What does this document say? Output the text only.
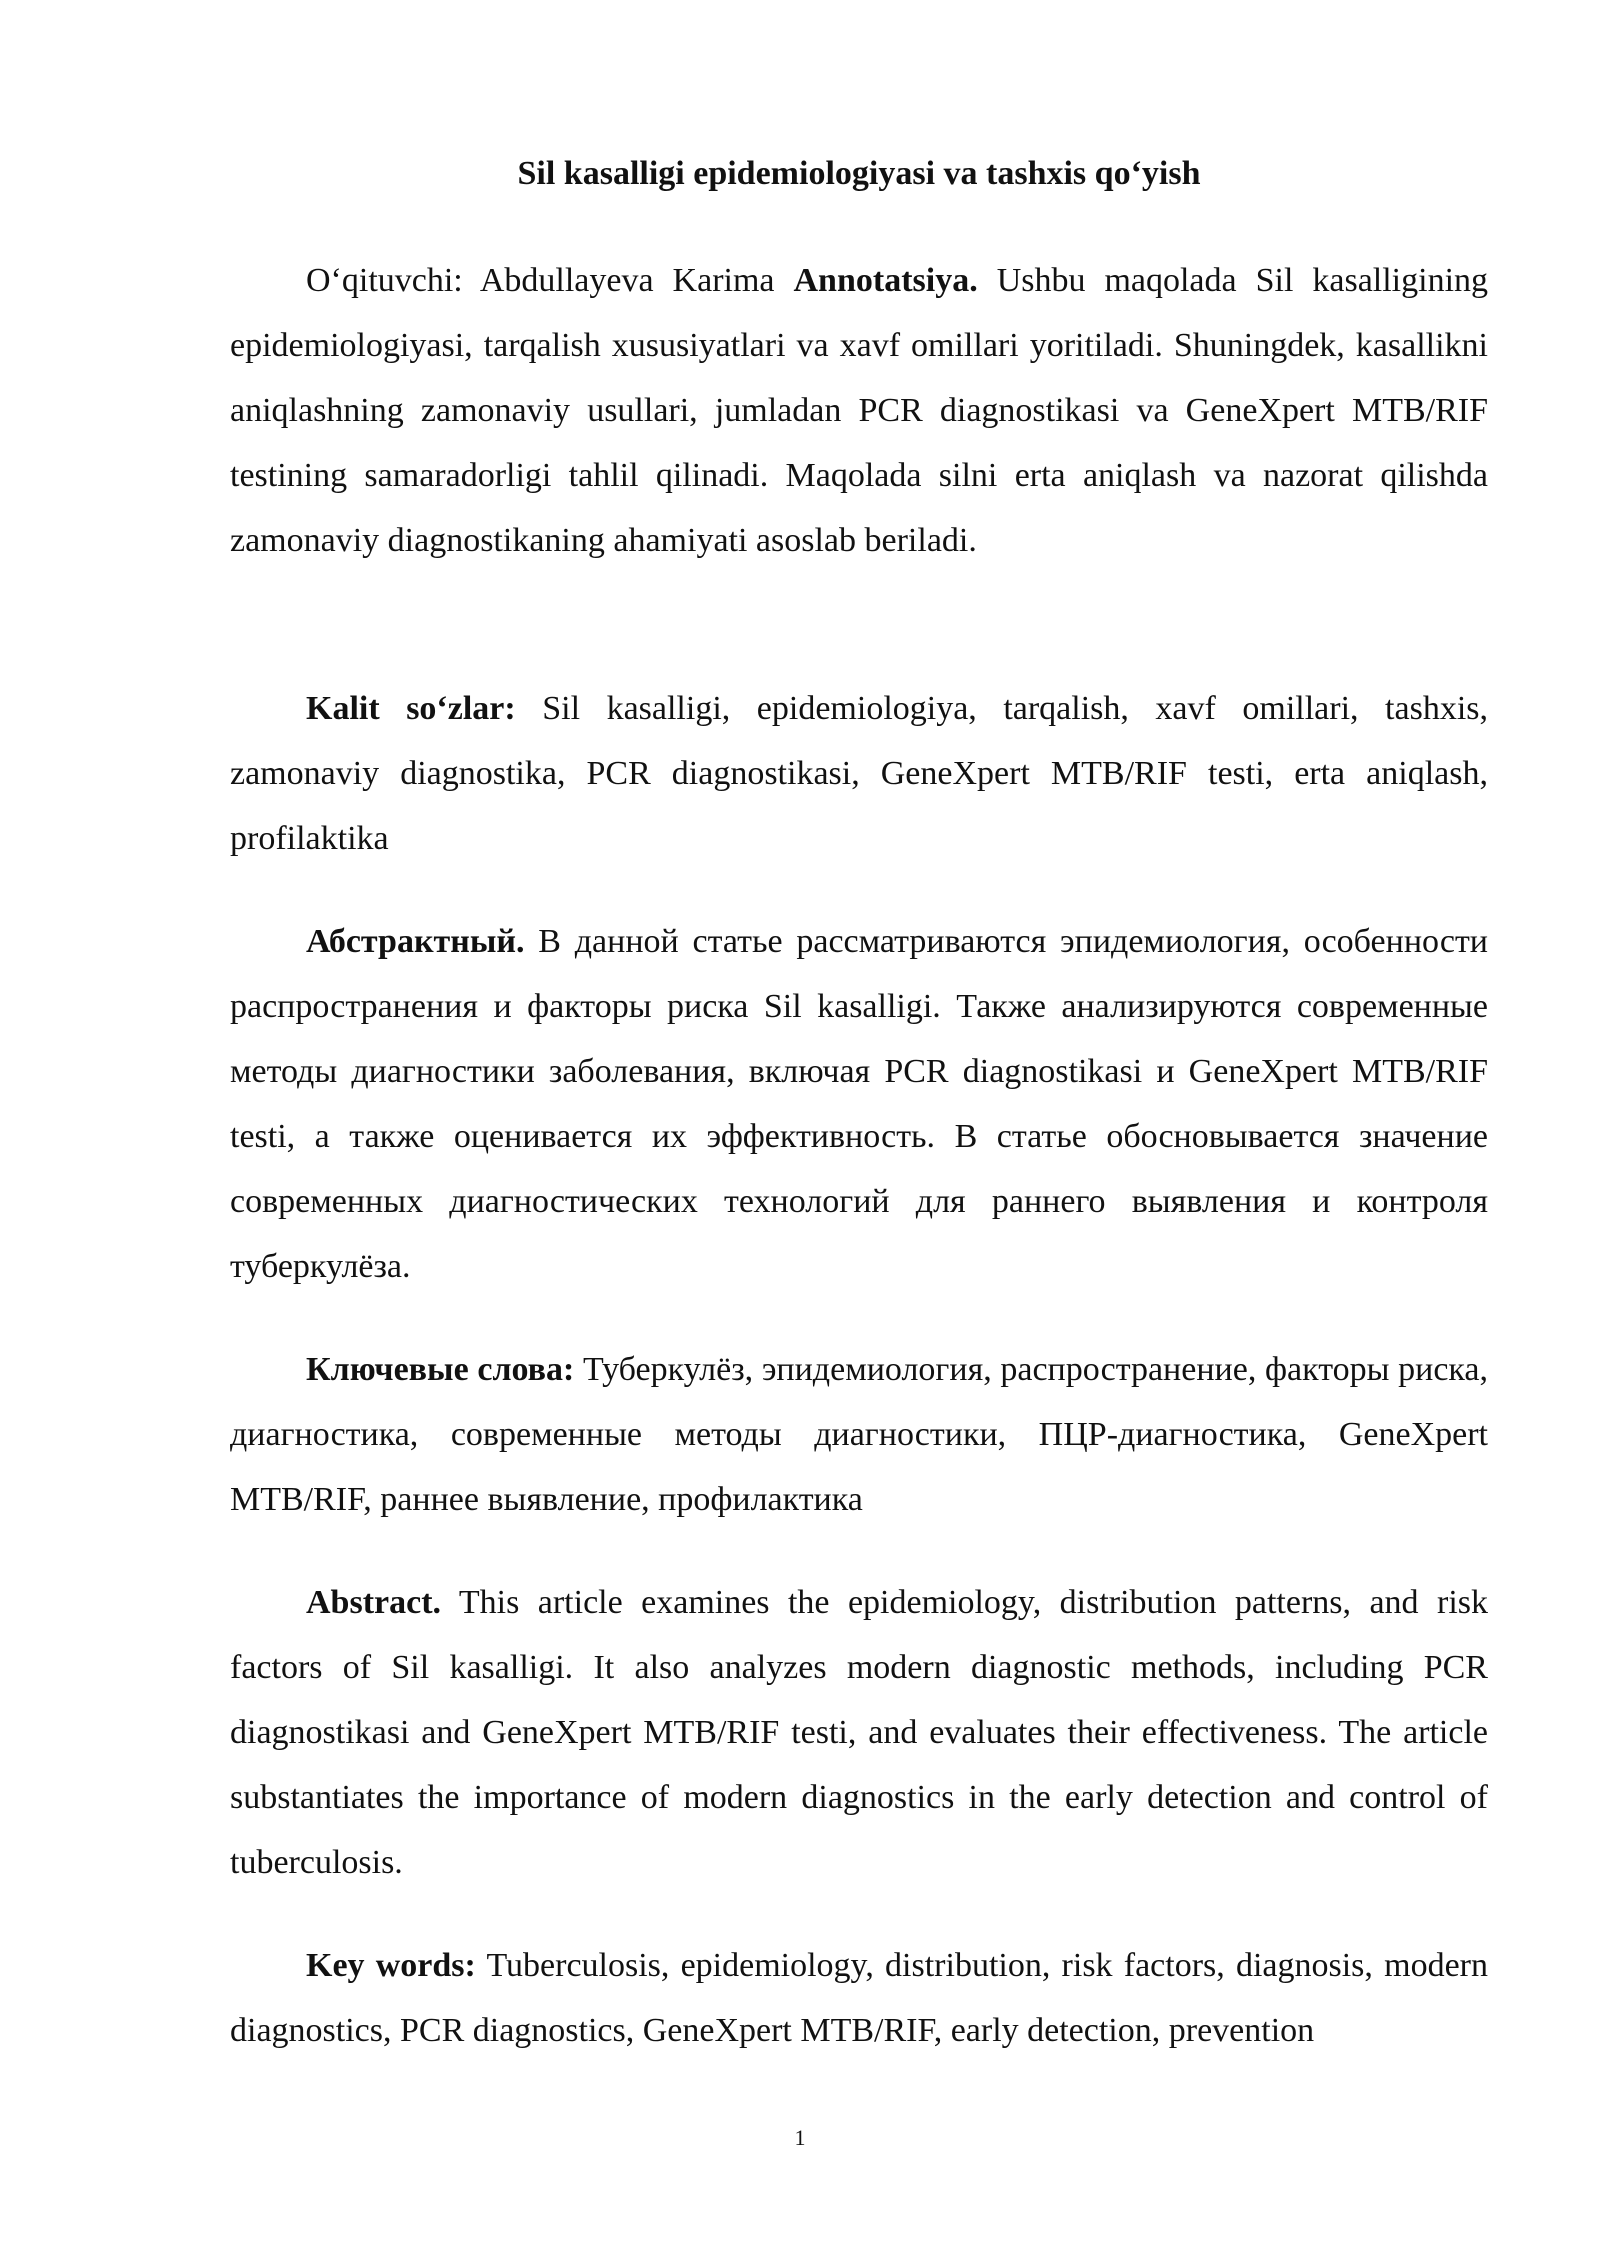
Sil kasalligi epidemiologiyasi va tashxis qo‘yish

O‘qituvchi: Abdullayeva Karima Annotatsiya. Ushbu maqolada Sil kasalligining epidemiologiyasi, tarqalish xususiyatlari va xavf omillari yoritiladi. Shuningdek, kasallikni aniqlashning zamonaviy usullari, jumladan PCR diagnostikasi va GeneXpert MTB/RIF testining samaradorligi tahlil qilinadi. Maqolada silni erta aniqlash va nazorat qilishda zamonaviy diagnostikaning ahamiyati asoslab beriladi.

Kalit so‘zlar: Sil kasalligi, epidemiologiya, tarqalish, xavf omillari, tashxis, zamonaviy diagnostika, PCR diagnostikasi, GeneXpert MTB/RIF testi, erta aniqlash, profilaktika

Абстрактный. В данной статье рассматриваются эпидемиология, особенности распространения и факторы риска Sil kasalligi. Также анализируются современные методы диагностики заболевания, включая PCR diagnostikasi и GeneXpert MTB/RIF testi, а также оценивается их эффективность. В статье обосновывается значение современных диагностических технологий для раннего выявления и контроля туберкулёза.

Ключевые слова: Туберкулёз, эпидемиология, распространение, факторы риска, диагностика, современные методы диагностики, ПЦР-диагностика, GeneXpert MTB/RIF, раннее выявление, профилактика

Abstract. This article examines the epidemiology, distribution patterns, and risk factors of Sil kasalligi. It also analyzes modern diagnostic methods, including PCR diagnostikasi and GeneXpert MTB/RIF testi, and evaluates their effectiveness. The article substantiates the importance of modern diagnostics in the early detection and control of tuberculosis.

Key words: Tuberculosis, epidemiology, distribution, risk factors, diagnosis, modern diagnostics, PCR diagnostics, GeneXpert MTB/RIF, early detection, prevention

1
